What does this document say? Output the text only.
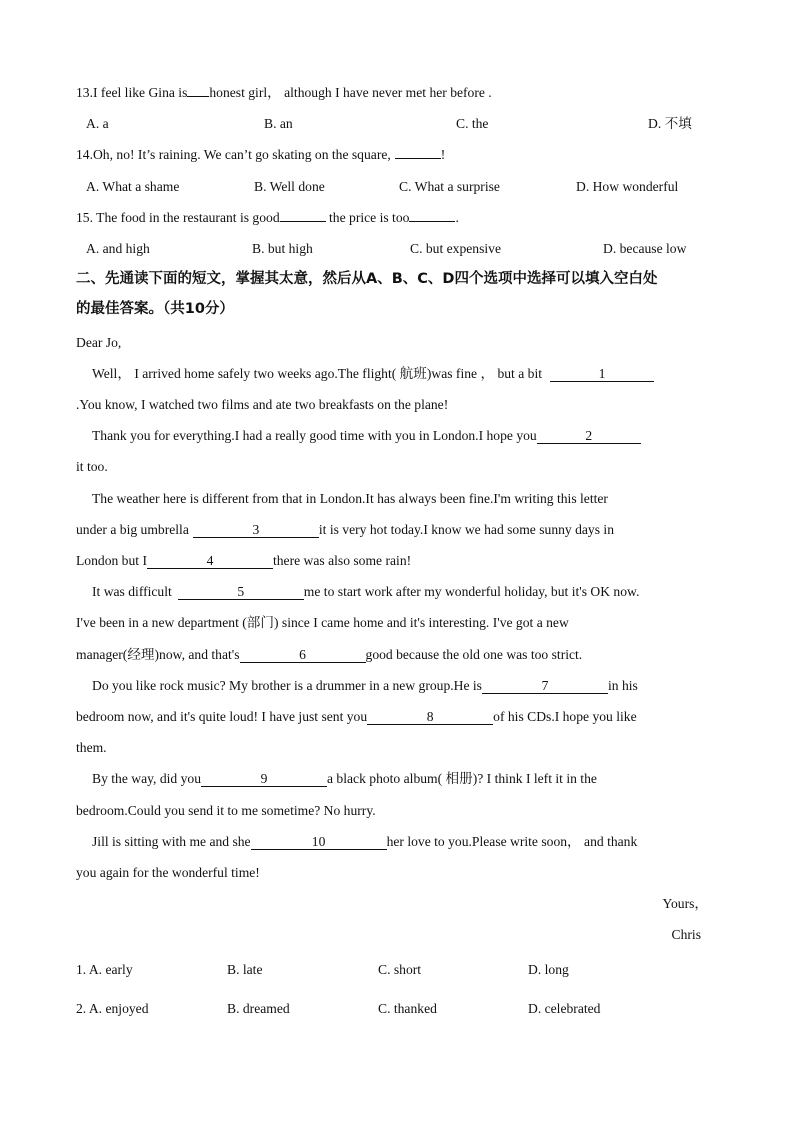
13.I feel like Gina is honest girl， although I have never met her before .
A. a	B. an	C. the	D. 不填
14.Oh, no! It’s raining. We can’t go skating on the square,	!
A. What a shame	B. Well done	C. What a surprise	D. How wonderful
15. The food in the restaurant is good	the price is too	.
A. and high	B. but high	C. but expensive	D. because low
二、先通读下面的短文，掌握其太意，然后从A、B、C、D四个选项中选择可以填入空白处
的最佳答案。（共10分）
Dear Jo,
Well， I arrived home safely two weeks ago.The flight( 航班)was fine ， but a bit	1
.You know, I watched two films and ate two breakfasts on the plane!
Thank you for everything.I had a really good time with you in London.I hope you	2
it too.
The weather here is different from that in London.It has always been fine.I'm writing this letter
under a big umbrella	3	it is very hot today.I know we had some sunny days in
London but I	4	there was also some rain!
It was difficult	5	me to start work after my wonderful holiday, but it's OK now.
I've been in a new department (部门) since I came home and it's interesting. I've got a new
manager(经理)now, and that's	6	good because the old one was too strict.
Do you like rock music? My brother is a drummer in a new group.He is	7	in his
bedroom now, and it's quite loud! I have just sent you	8	of his CDs.I hope you like
them.
By the way, did you	9	a black photo album( 相册)? I think I left it in the
bedroom.Could you send it to me sometime? No hurry.
Jill is sitting with me and she	10	her love to you.Please write soon， and thank
you again for the wonderful time!
Yours，
Chris
1. A. early	B. late	C. short	D. long
2. A. enjoyed	B. dreamed	C. thanked	D. celebrated
